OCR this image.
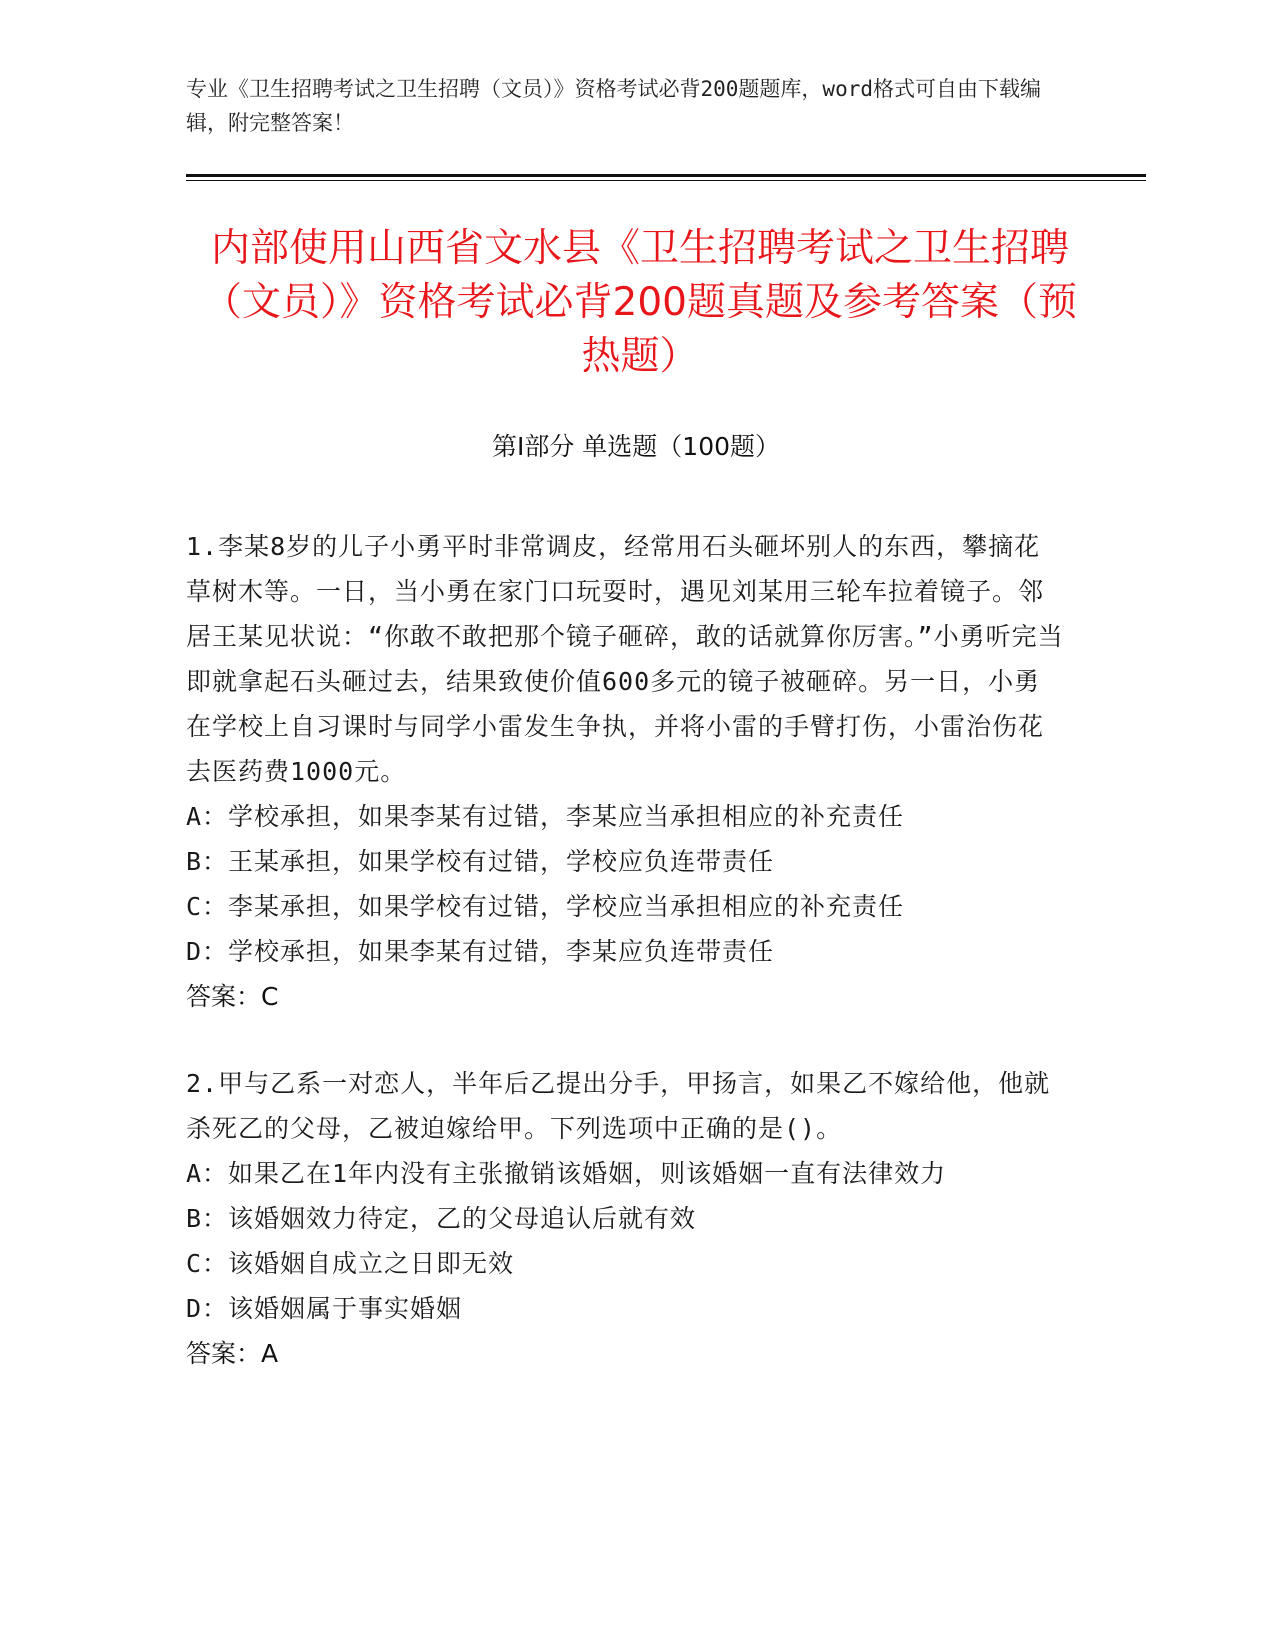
专业《卫生招聘考试之卫生招聘（文员）》资格考试必背200题题库，word格式可自由下载编辑，附完整答案！
内部使用山西省文水县《卫生招聘考试之卫生招聘（文员）》资格考试必背200题真题及参考答案（预热题）
第Ⅰ部分 单选题（100题）

1.李某8岁的儿子小勇平时非常调皮，经常用石头砸坏别人的东西，攀摘花草树木等。一日，当小勇在家门口玩耍时，遇见刘某用三轮车拉着镜子。邻居王某见状说：“你敢不敢把那个镜子砸碎，敢的话就算你厉害。”小勇听完当即就拿起石头砸过去，结果致使价值600多元的镜子被砸碎。另一日，小勇在学校上自习课时与同学小雷发生争执，并将小雷的手臂打伤，小雷治伤花去医药费1000元。

A：学校承担，如果李某有过错，李某应当承担相应的补充责任

B：王某承担，如果学校有过错，学校应负连带责任

C：李某承担，如果学校有过错，学校应当承担相应的补充责任

D：学校承担，如果李某有过错，李某应负连带责任

答案：C

2.甲与乙系一对恋人，半年后乙提出分手，甲扬言，如果乙不嫁给他，他就杀死乙的父母，乙被迫嫁给甲。下列选项中正确的是()。

A：如果乙在1年内没有主张撤销该婚姻，则该婚姻一直有法律效力

B：该婚姻效力待定，乙的父母追认后就有效

C：该婚姻自成立之日即无效

D：该婚姻属于事实婚姻

答案：A
